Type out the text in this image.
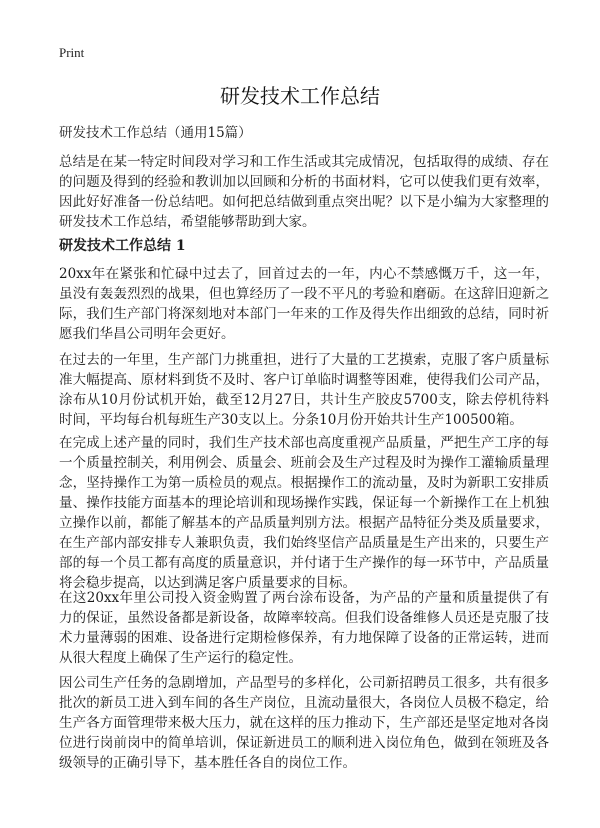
Print
研发技术工作总结

研发技术工作总结（通用15篇）

总结是在某一特定时间段对学习和工作生活或其完成情况，包括取得的成绩、存在的问题及得到的经验和教训加以回顾和分析的书面材料，它可以使我们更有效率，因此好好准备一份总结吧。如何把总结做到重点突出呢？以下是小编为大家整理的研发技术工作总结，希望能够帮助到大家。

研发技术工作总结 1

20xx年在紧张和忙碌中过去了，回首过去的一年，内心不禁感慨万千，这一年，虽没有轰轰烈烈的战果，但也算经历了一段不平凡的考验和磨砺。在这辞旧迎新之际，我们生产部门将深刻地对本部门一年来的工作及得失作出细致的总结，同时祈愿我们华昌公司明年会更好。

在过去的一年里，生产部门力挑重担，进行了大量的工艺摸索，克服了客户质量标准大幅提高、原材料到货不及时、客户订单临时调整等困难，使得我们公司产品，涂布从10月份试机开始，截至12月27日，共计生产胶皮5700支，除去停机待料时间，平均每台机每班生产30支以上。分条10月份开始共计生产100500箱。

在完成上述产量的同时，我们生产技术部也高度重视产品质量，严把生产工序的每一个质量控制关，利用例会、质量会、班前会及生产过程及时为操作工灌输质量理念，坚持操作工为第一质检员的观点。根据操作工的流动量，及时为新职工安排质量、操作技能方面基本的理论培训和现场操作实践，保证每一个新操作工在上机独立操作以前，都能了解基本的产品质量判别方法。根据产品特征分类及质量要求，在生产部内部安排专人兼职负责，我们始终坚信产品质量是生产出来的，只要生产部的每一个员工都有高度的质量意识，并付诸于生产操作的每一环节中，产品质量将会稳步提高，以达到满足客户质量要求的目标。

在这20xx年里公司投入资金购置了两台涂布设备，为产品的产量和质量提供了有力的保证，虽然设备都是新设备，故障率较高。但我们设备维修人员还是克服了技术力量薄弱的困难、设备进行定期检修保养，有力地保障了设备的正常运转，进而从很大程度上确保了生产运行的稳定性。

因公司生产任务的急剧增加，产品型号的多样化，公司新招聘员工很多，共有很多批次的新员工进入到车间的各生产岗位，且流动量很大，各岗位人员极不稳定，给生产各方面管理带来极大压力，就在这样的压力推动下，生产部还是坚定地对各岗位进行岗前岗中的简单培训，保证新进员工的顺利进入岗位角色，做到在领班及各级领导的正确引导下，基本胜任各自的岗位工作。
